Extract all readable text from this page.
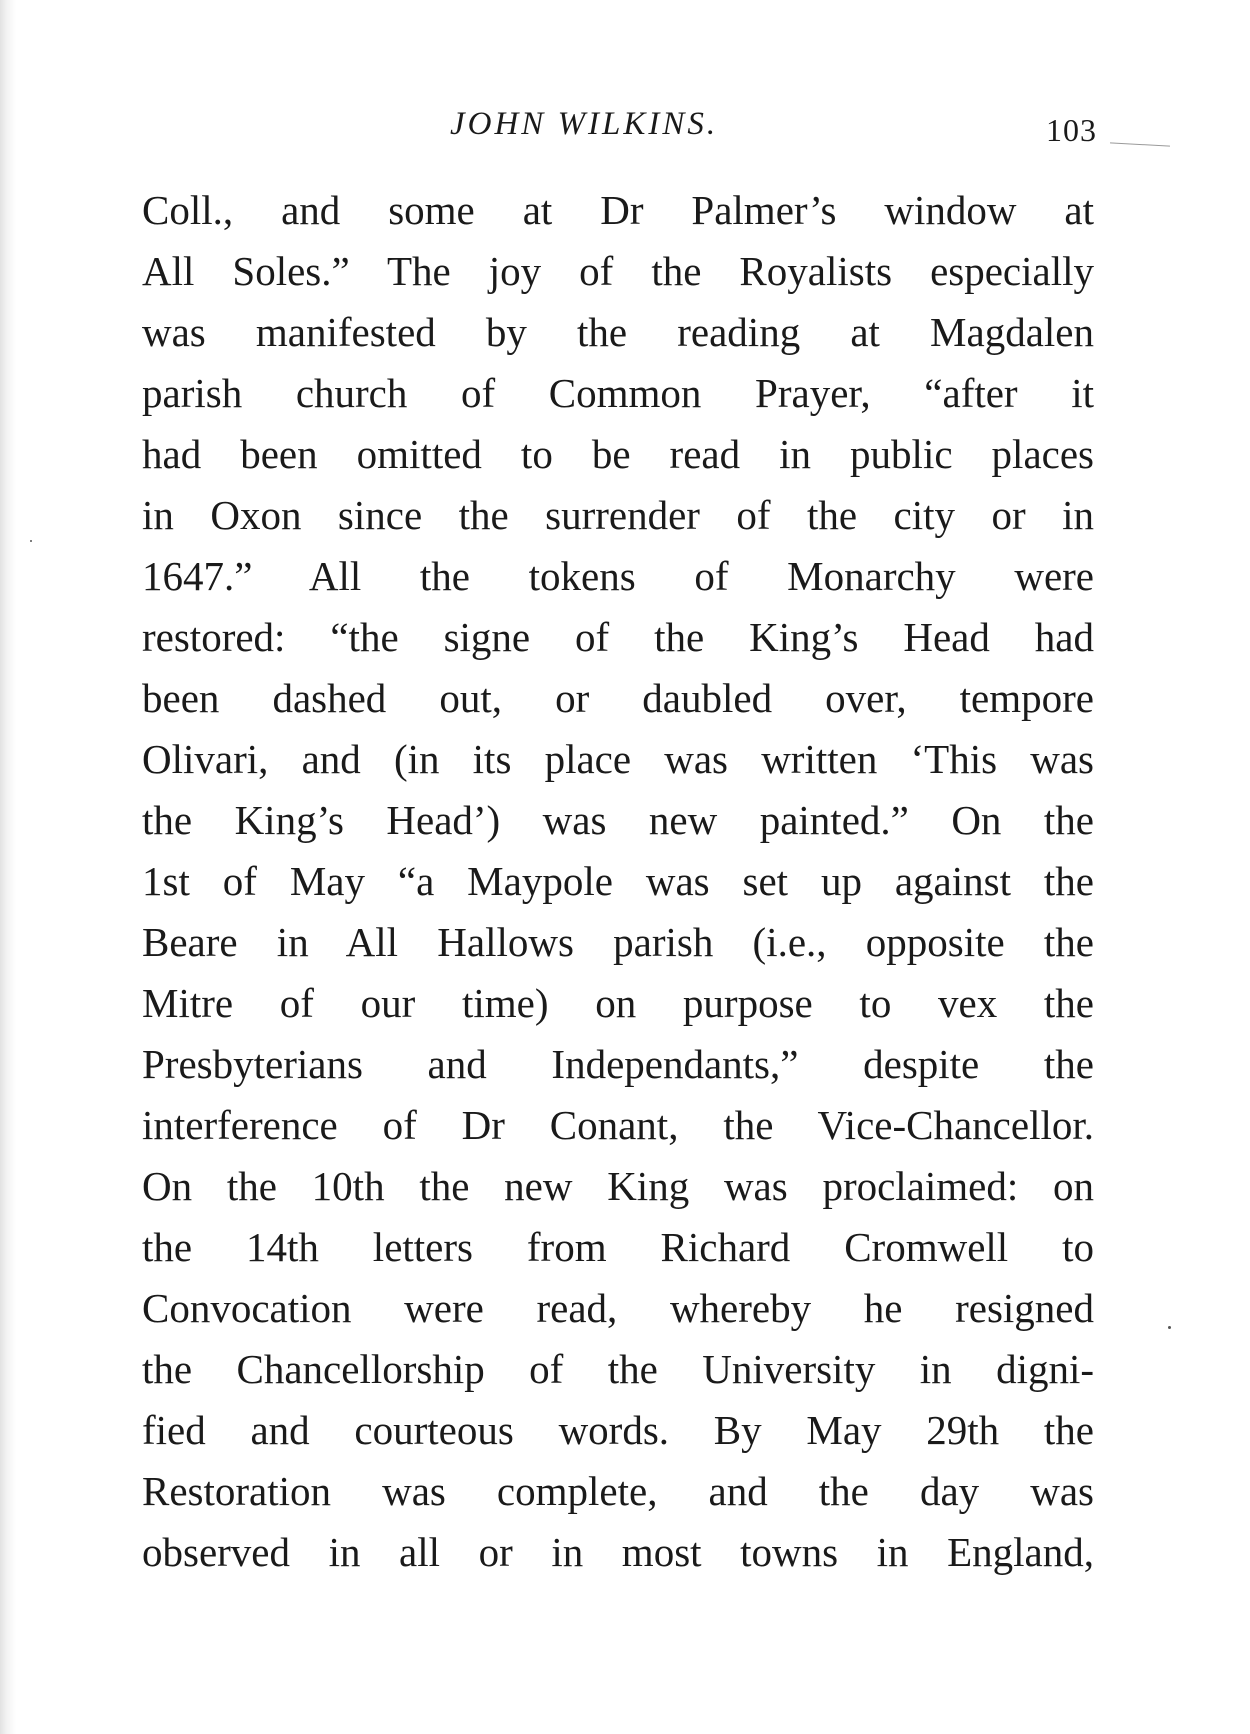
JOHN WILKINS.	103
Coll., and some at Dr Palmer’s window at
All Soles.” The joy of the Royalists especially
was manifested by the reading at Magdalen
parish church of Common Prayer, “after it
had been omitted to be read in public places
in Oxon since the surrender of the city or in
1647.” All the tokens of Monarchy were
restored: “the signe of the King’s Head had
been dashed out, or daubled over, tempore
Olivari, and (in its place was written ‘This was
the King’s Head’) was new painted.” On the
1st of May “a Maypole was set up against the
Beare in All Hallows parish (i.e., opposite the
Mitre of our time) on purpose to vex the
Presbyterians and Independants,” despite the
interference of Dr Conant, the Vice-Chancellor.
On the 10th the new King was proclaimed: on
the 14th letters from Richard Cromwell to
Convocation were read, whereby he resigned
the Chancellorship of the University in digni-
fied and courteous words. By May 29th the
Restoration was complete, and the day was
observed in all or in most towns in England,
